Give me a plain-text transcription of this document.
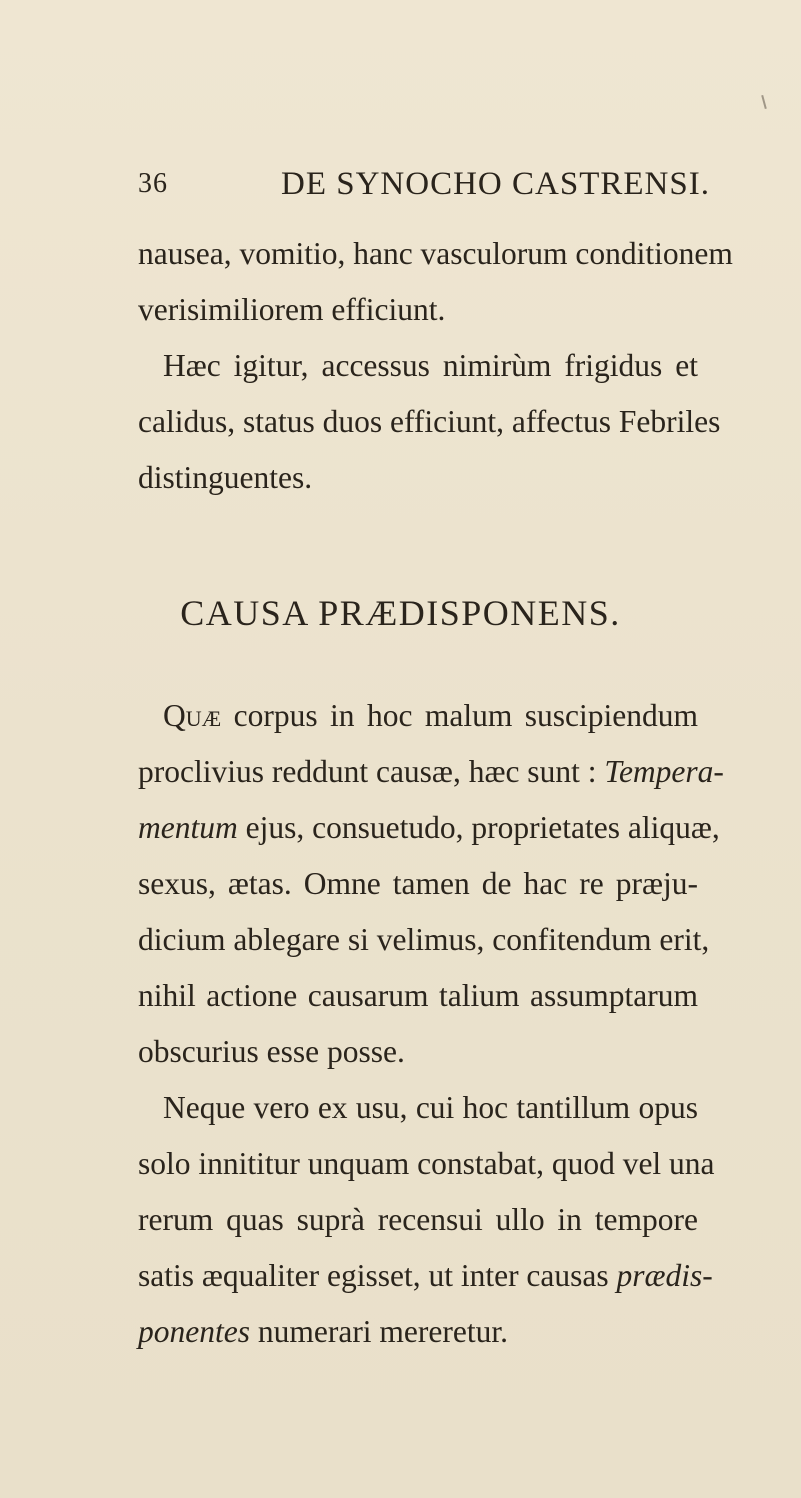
36	DE SYNOCHO CASTRENSI.
nausea, vomitio, hanc vasculorum conditionem
verisimiliorem efficiunt.
Hæc igitur, accessus nimirùm frigidus et
calidus, status duos efficiunt, affectus Febriles
distinguentes.
CAUSA PRÆDISPONENS.
Quæ corpus in hoc malum suscipiendum
proclivius reddunt causæ, hæc sunt : Tempera-
mentum ejus, consuetudo, proprietates aliquæ,
sexus, ætas. Omne tamen de hac re præju-
dicium ablegare si velimus, confitendum erit,
nihil actione causarum talium assumptarum
obscurius esse posse.
Neque vero ex usu, cui hoc tantillum opus
solo innititur unquam constabat, quod vel una
rerum quas suprà recensui ullo in tempore
satis æqualiter egisset, ut inter causas prædis-
ponentes numerari mereretur.
